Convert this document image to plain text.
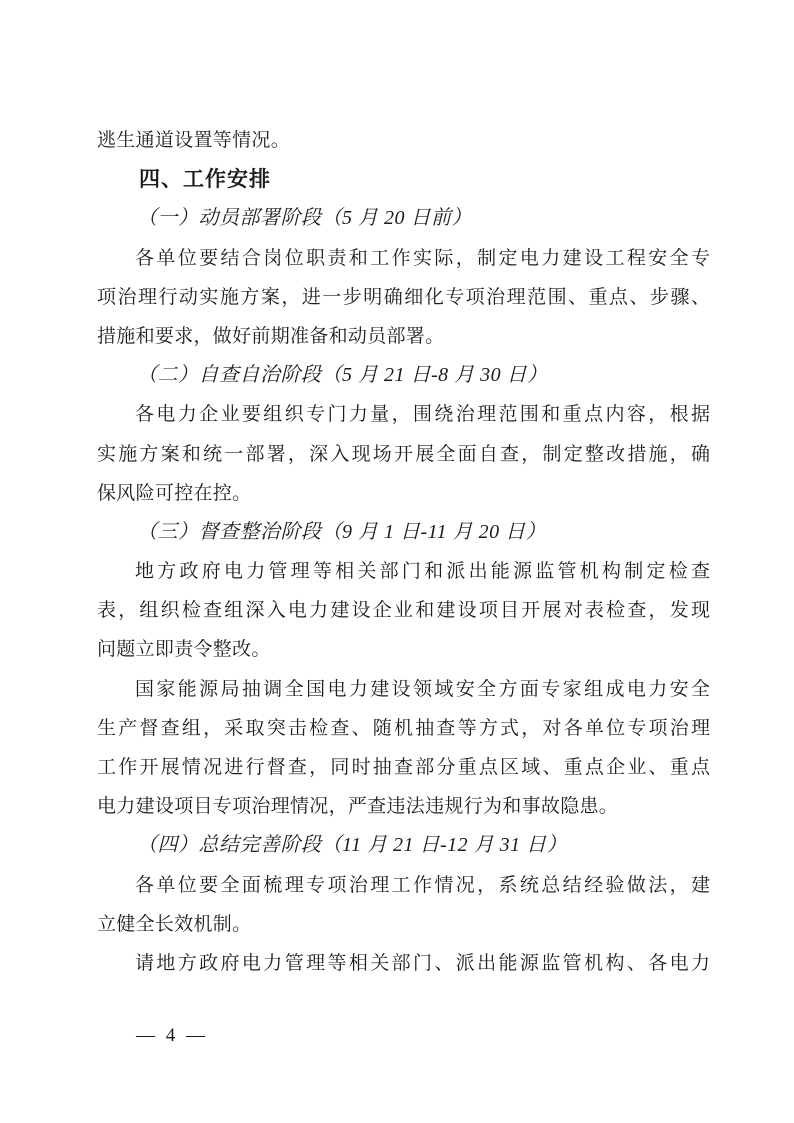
逃生通道设置等情况。
四、工作安排
（一）动员部署阶段（5 月 20 日前）
各单位要结合岗位职责和工作实际，制定电力建设工程安全专
项治理行动实施方案，进一步明确细化专项治理范围、重点、步骤、
措施和要求，做好前期准备和动员部署。
（二）自查自治阶段（5 月 21 日-8 月 30 日）
各电力企业要组织专门力量，围绕治理范围和重点内容，根据
实施方案和统一部署，深入现场开展全面自查，制定整改措施，确
保风险可控在控。
（三）督查整治阶段（9 月 1 日-11 月 20 日）
地方政府电力管理等相关部门和派出能源监管机构制定检查
表，组织检查组深入电力建设企业和建设项目开展对表检查，发现
问题立即责令整改。
国家能源局抽调全国电力建设领域安全方面专家组成电力安全
生产督查组，采取突击检查、随机抽查等方式，对各单位专项治理
工作开展情况进行督查，同时抽查部分重点区域、重点企业、重点
电力建设项目专项治理情况，严查违法违规行为和事故隐患。
（四）总结完善阶段（11 月 21 日-12 月 31 日）
各单位要全面梳理专项治理工作情况，系统总结经验做法，建
立健全长效机制。
请地方政府电力管理等相关部门、派出能源监管机构、各电力
— 4 —
